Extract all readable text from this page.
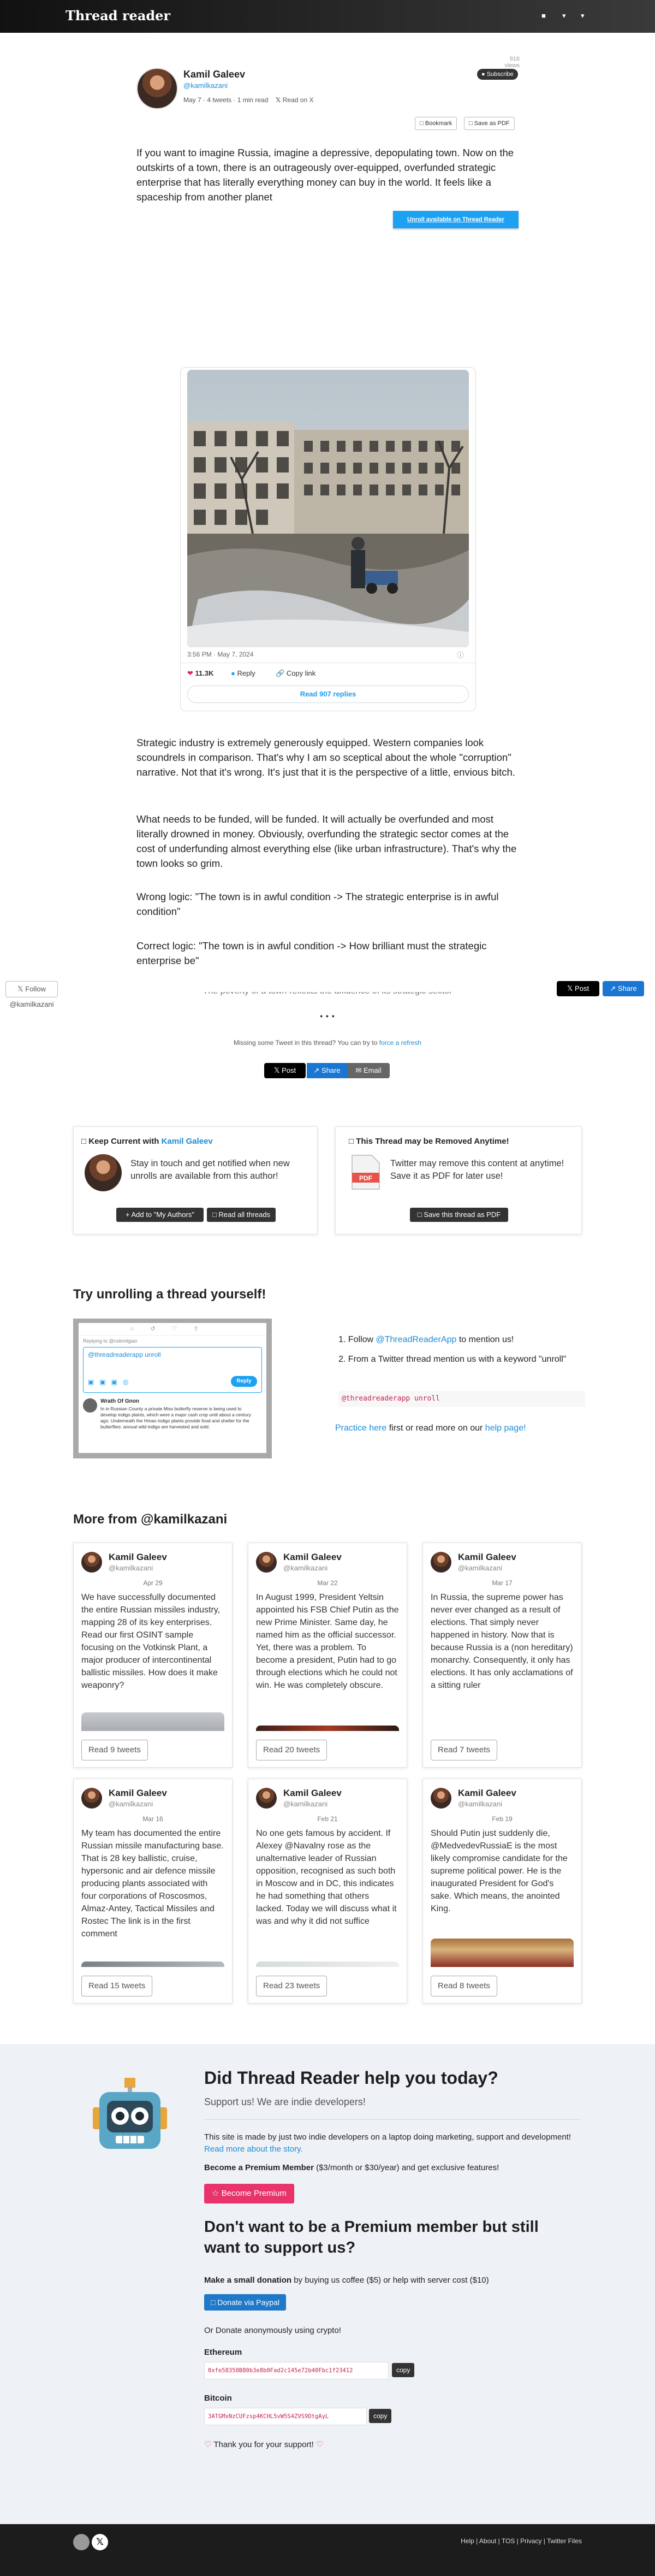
Thread reader	■ ▾ ▾
Kamil Galeev
@kamilkazani
May 7 · 4 tweets · 1 min read 𝕏 Read on X
916 views
● Subscribe
□ Bookmark	□ Save as PDF
If you want to imagine Russia, imagine a depressive, depopulating town. Now on the outskirts of a town, there is an outrageously over-equipped, overfunded strategic enterprise that has literally everything money can buy in the world. It feels like a spaceship from another planet
Unroll available on Thread Reader
3:56 PM · May 7, 2024	ⓘ
❤ 11.3K ● Reply	🔗 Copy link
Read 907 replies
Strategic industry is extremely generously equipped. Western companies look scoundrels in comparison. That's why I am so sceptical about the whole "corruption" narrative. Not that it's wrong. It's just that it is the perspective of a little, envious bitch.
What needs to be funded, will be funded. It will actually be overfunded and most literally drowned in money. Obviously, overfunding the strategic sector comes at the cost of underfunding almost everything else (like urban infrastructure). That's why the town looks so grim.
Wrong logic: "The town is in awful condition -> The strategic enterprise is in awful condition"
Correct logic: "The town is in awful condition -> How brilliant must the strategic enterprise be"
𝕏 Follow @kamilkazani
𝕏 Post	↗ Share
• • •
Missing some Tweet in this thread? You can try to force a refresh
𝕏 Post	↗ Share	✉ Email
□ Keep Current with Kamil Galeev
Stay in touch and get notified when new unrolls are available from this author!
+ Add to "My Authors"	□ Read all threads
□ This Thread may be Removed Anytime!
PDF
Twitter may remove this content at anytime! Save it as PDF for later use!
□ Save this thread as PDF
Try unrolling a thread yourself!
○↺♡⇧
Replying to @nolimitgian
@threadreaderapp unroll
▣▣▣◎	Reply
Wrath Of Gnon
In in Russian County a private Miss butterfly reserve is being used to develop indigo plants, which were a major cash crop until about a century ago. Underneath the Hmao indigo plants provide food and shelter for the butterflies: annual wild indigo are harvested and sold.
1. Follow @ThreadReaderApp to mention us!
2. From a Twitter thread mention us with a keyword "unroll"
@threadreaderapp unroll
Practice here first or read more on our help page!
More from @kamilkazani
Kamil Galeev
@kamilkazani
Apr 29
We have successfully documented the entire Russian missiles industry, mapping 28 of its key enterprises. Read our first OSINT sample focusing on the Votkinsk Plant, a major producer of intercontinental ballistic missiles. How does it make weaponry?
Read 9 tweets
Kamil Galeev
@kamilkazani
Mar 22
In August 1999, President Yeltsin appointed his FSB Chief Putin as the new Prime Minister. Same day, he named him as the official successor. Yet, there was a problem. To become a president, Putin had to go through elections which he could not win. He was completely obscure.
Read 20 tweets
Kamil Galeev
@kamilkazani
Mar 17
In Russia, the supreme power has never ever changed as a result of elections. That simply never happened in history. Now that is because Russia is a (non hereditary) monarchy. Consequently, it only has elections. It has only acclamations of a sitting ruler
Read 7 tweets
Kamil Galeev
@kamilkazani
Mar 16
My team has documented the entire Russian missile manufacturing base. That is 28 key ballistic, cruise, hypersonic and air defence missile producing plants associated with four corporations of Roscosmos, Almaz-Antey, Tactical Missiles and Rostec The link is in the first comment
Read 15 tweets
Kamil Galeev
@kamilkazani
Feb 21
No one gets famous by accident. If Alexey @Navalny rose as the unalternative leader of Russian opposition, recognised as such both in Moscow and in DC, this indicates he had something that others lacked. Today we will discuss what it was and why it did not suffice
Read 23 tweets
Kamil Galeev
@kamilkazani
Feb 19
Should Putin just suddenly die, @MedvedevRussiaE is the most likely compromise candidate for the supreme political power. He is the inaugurated President for God's sake. Which means, the anointed King.
Read 8 tweets
Did Thread Reader help you today?
Support us! We are indie developers!
This site is made by just two indie developers on a laptop doing marketing, support and development! Read more about the story.
Become a Premium Member ($3/month or $30/year) and get exclusive features!
☆ Become Premium
Don't want to be a Premium member but still want to support us?
Make a small donation by buying us coffee ($5) or help with server cost ($10)
□ Donate via Paypal
Or Donate anonymously using crypto!
Ethereum
0xfe58350B80b3e8b0Fad2c145e72b40Fbc1f23412	copy
Bitcoin
3ATGMxNzCUFzsp4KCHL5vW5S4ZVS9DtgAyL	copy
♡ Thank you for your support! ♡
𝕏	Help | About | TOS | Privacy | Twitter Files
